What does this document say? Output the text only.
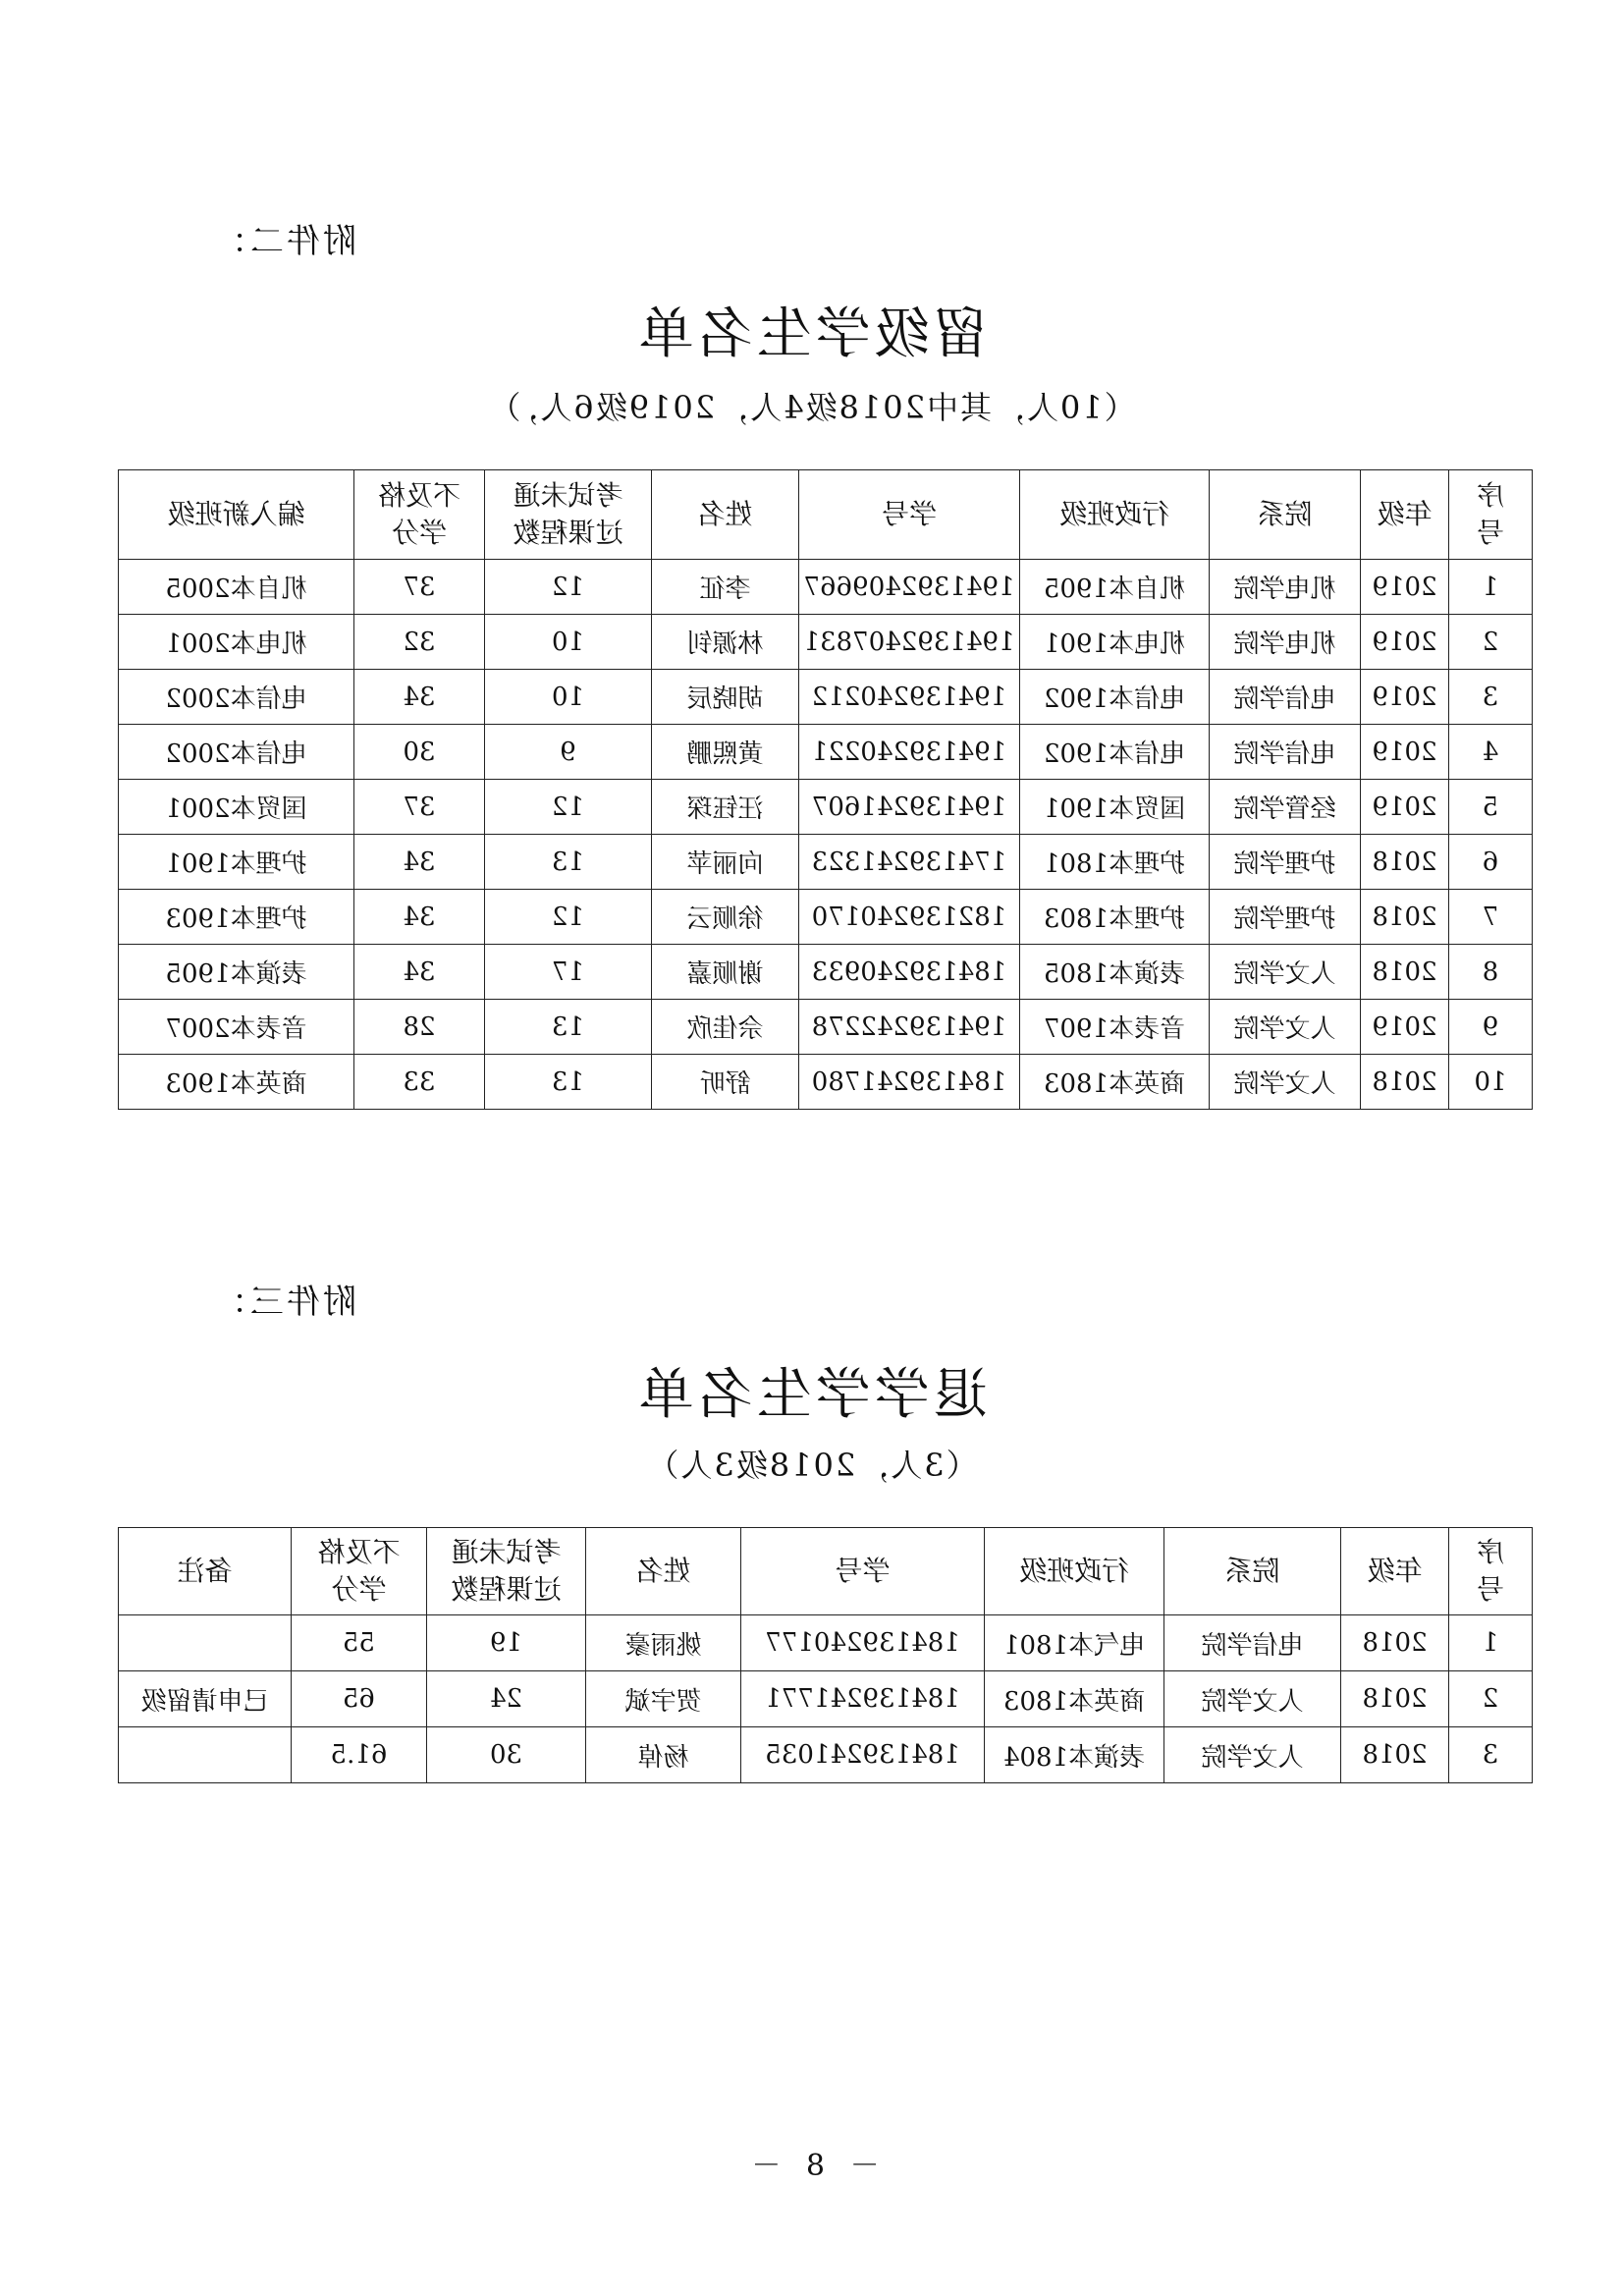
附件二：
留级学生名单
（10人，其中2018级4人，2019级6人，）
序
号	年级	院系	行政班级	学号	姓名	考试未通
过课程数	不及格
学分	编入新班级

1	2019	机电学院	机自本1905	1941392409667	李征	12	37	机自本2005
2	2019	机电学院	机电本1901	1941392407831	林源钊	10	32	机电本2001
3	2019	电信学院	电信本1902	194139240212	胡晓辰	10	34	电信本2002
4	2019	电信学院	电信本1902	194139240221	黄熙鹏	9	30	电信本2002
5	2019	经管学院	国贸本1901	194139241607	汪钰琛	12	37	国贸本2001
6	2018	护理学院	护理本1801	174139241323	向丽苹	13	34	护理本1901
7	2018	护理学院	护理本1803	182139240170	徐顺云	12	34	护理本1903
8	2018	人文学院	表演本1805	184139240933	谢顺嘉	17	34	表演本1905
9	2019	人文学院	音表本1907	194139242278	佘佳欣	13	28	音表本2007
10	2018	人文学院	商英本1803	184139241780	舒昕	13	33	商英本1903
附件三：
退学学生名单
（3人，2018级3人）
序
号	年级	院系	行政班级	学号	姓名	考试未通
过课程数	不及格
学分	备注

1	2018	电信学院	电气本1801	184139240177	姚雨豪	19	55	
2	2018	人文学院	商英本1803	184139241771	贺宇斌	24	65	已申请留级
3	2018	人文学院	表演本1804	184139241035	杨倬	30	61.5	
－ 8 －
